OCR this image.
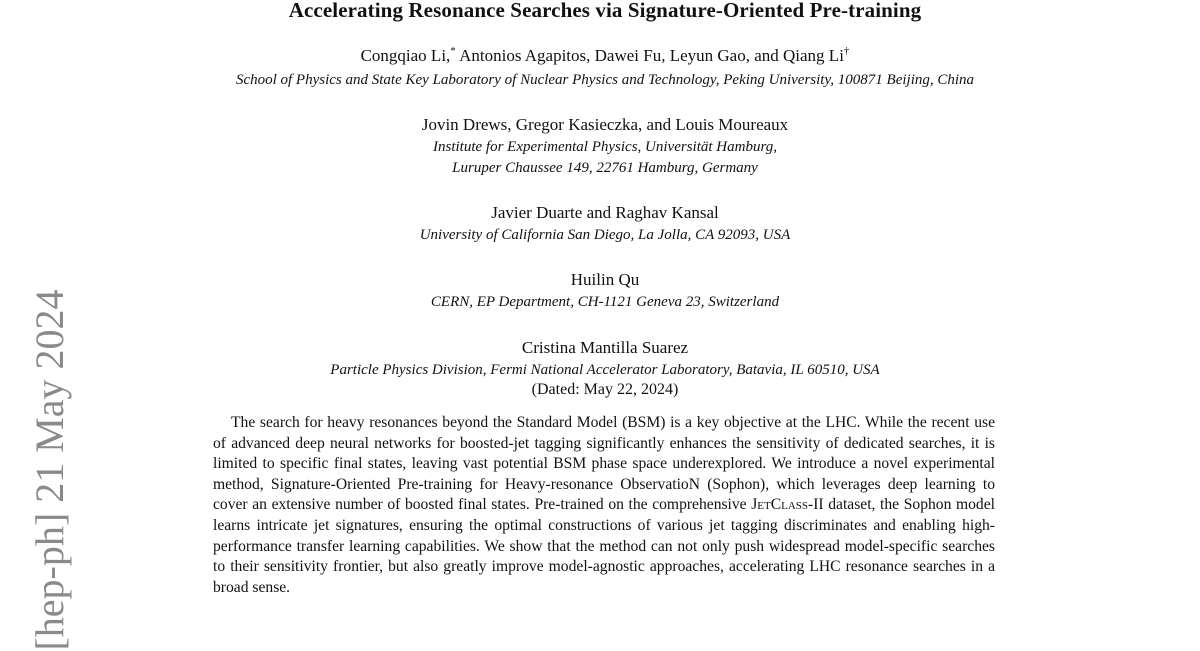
Accelerating Resonance Searches via Signature-Oriented Pre-training
Congqiao Li,* Antonios Agapitos, Dawei Fu, Leyun Gao, and Qiang Li†
School of Physics and State Key Laboratory of Nuclear Physics and Technology, Peking University, 100871 Beijing, China
Jovin Drews, Gregor Kasieczka, and Louis Moureaux
Institute for Experimental Physics, Universität Hamburg,
Luruper Chaussee 149, 22761 Hamburg, Germany
Javier Duarte and Raghav Kansal
University of California San Diego, La Jolla, CA 92093, USA
Huilin Qu
CERN, EP Department, CH-1121 Geneva 23, Switzerland
Cristina Mantilla Suarez
Particle Physics Division, Fermi National Accelerator Laboratory, Batavia, IL 60510, USA
(Dated: May 22, 2024)

The search for heavy resonances beyond the Standard Model (BSM) is a key objective at the LHC. While the recent use of advanced deep neural networks for boosted-jet tagging significantly enhances the sensitivity of dedicated searches, it is limited to specific final states, leaving vast potential BSM phase space underexplored. We introduce a novel experimental method, Signature-Oriented Pre-training for Heavy-resonance ObservatioN (Sophon), which leverages deep learning to cover an extensive number of boosted final states. Pre-trained on the comprehensive JetClass-II dataset, the Sophon model learns intricate jet signatures, ensuring the optimal constructions of various jet tagging discriminates and enabling high-performance transfer learning capabilities. We show that the method can not only push widespread model-specific searches to their sensitivity frontier, but also greatly improve model-agnostic approaches, accelerating LHC resonance searches in a broad sense.

[hep-ph] 21 May 2024
